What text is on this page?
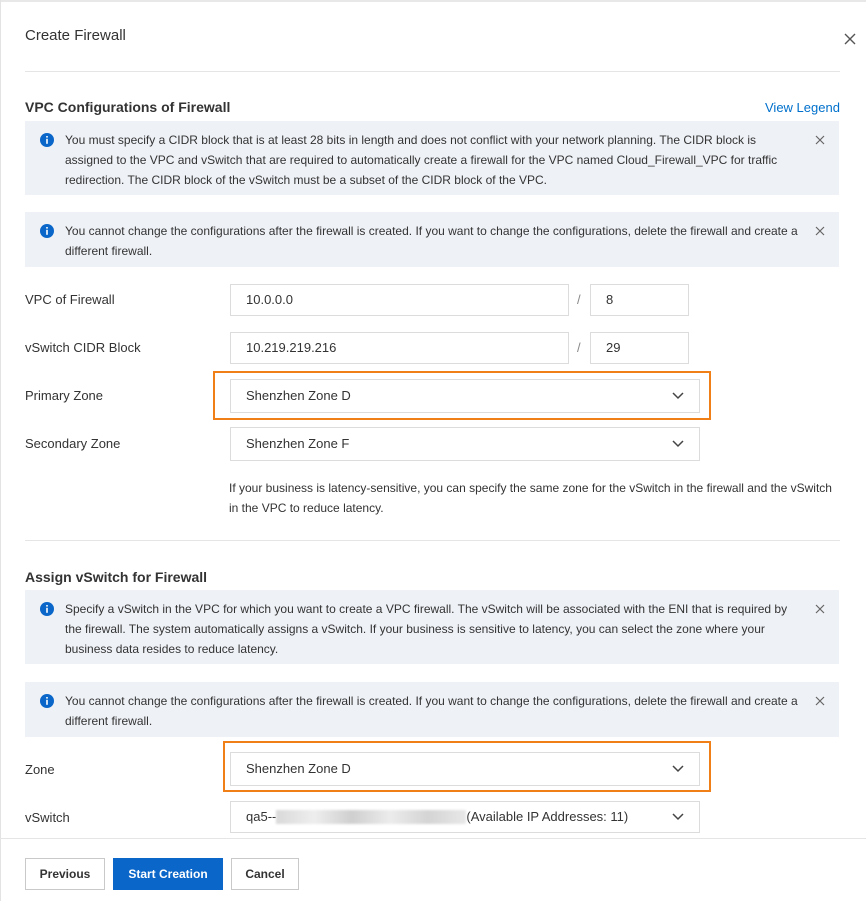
Create Firewall
VPC Configurations of Firewall	View Legend
You must specify a CIDR block that is at least 28 bits in length and does not conflict with your network planning. The CIDR block is assigned to the VPC and vSwitch that are required to automatically create a firewall for the VPC named Cloud_Firewall_VPC for traffic redirection. The CIDR block of the vSwitch must be a subset of the CIDR block of the VPC.
You cannot change the configurations after the firewall is created. If you want to change the configurations, delete the firewall and create a different firewall.
VPC of Firewall	10.0.0.0	/	8
vSwitch CIDR Block	10.219.219.216	/	29
Primary Zone	Shenzhen Zone D
Secondary Zone	Shenzhen Zone F
If your business is latency-sensitive, you can specify the same zone for the vSwitch in the firewall and the vSwitch in the VPC to reduce latency.
Assign vSwitch for Firewall
Specify a vSwitch in the VPC for which you want to create a VPC firewall. The vSwitch will be associated with the ENI that is required by the firewall. The system automatically assigns a vSwitch. If your business is sensitive to latency, you can select the zone where your business data resides to reduce latency.
You cannot change the configurations after the firewall is created. If you want to change the configurations, delete the firewall and create a different firewall.
Zone	Shenzhen Zone D
vSwitch	qa5--	(Available IP Addresses: 11)
Previous	Start Creation	Cancel
